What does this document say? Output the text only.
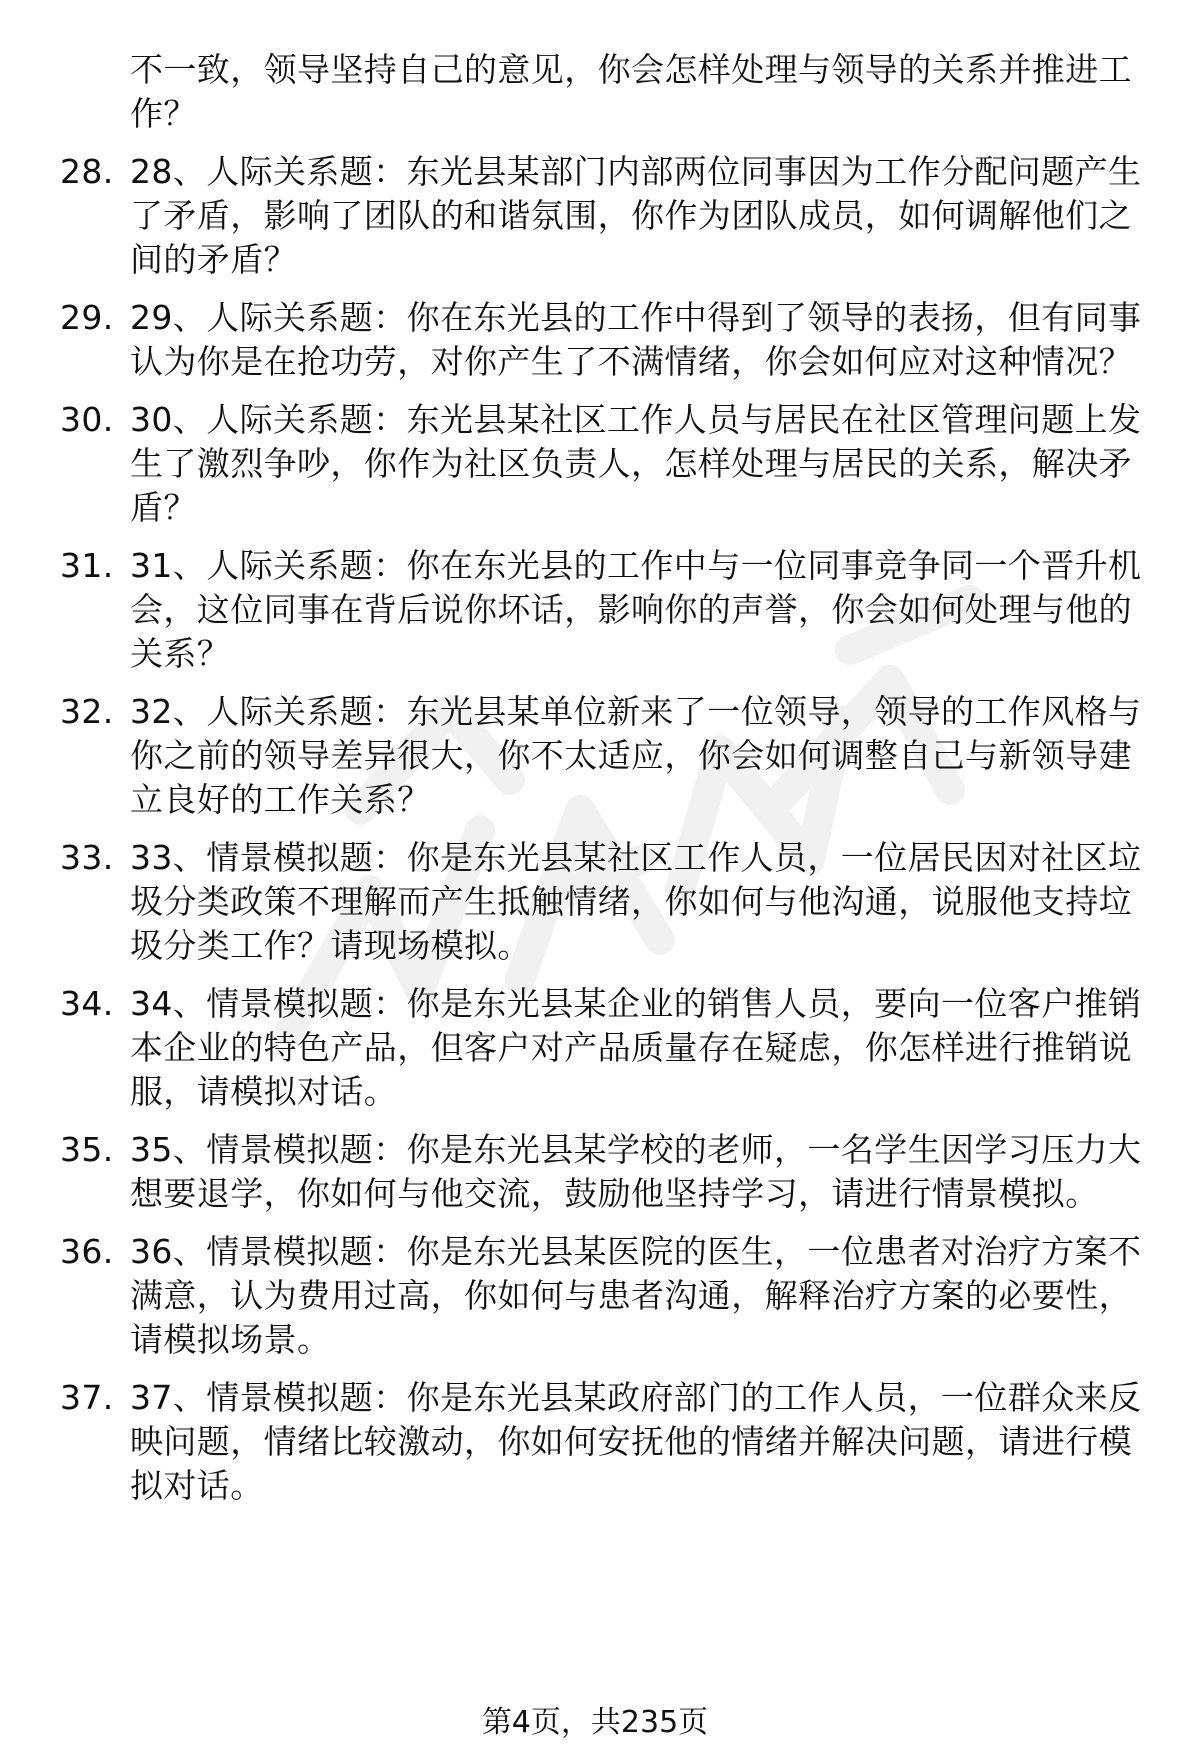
不一致，领导坚持自己的意见，你会怎样处理与领导的关系并推进工作？
28. 28、人际关系题：东光县某部门内部两位同事因为工作分配问题产生了矛盾，影响了团队的和谐氛围，你作为团队成员，如何调解他们之间的矛盾？
29. 29、人际关系题：你在东光县的工作中得到了领导的表扬，但有同事认为你是在抢功劳，对你产生了不满情绪，你会如何应对这种情况？
30. 30、人际关系题：东光县某社区工作人员与居民在社区管理问题上发生了激烈争吵，你作为社区负责人，怎样处理与居民的关系，解决矛盾？
31. 31、人际关系题：你在东光县的工作中与一位同事竞争同一个晋升机会，这位同事在背后说你坏话，影响你的声誉，你会如何处理与他的关系？
32. 32、人际关系题：东光县某单位新来了一位领导，领导的工作风格与你之前的领导差异很大，你不太适应，你会如何调整自己与新领导建立良好的工作关系？
33. 33、情景模拟题：你是东光县某社区工作人员，一位居民因对社区垃圾分类政策不理解而产生抵触情绪，你如何与他沟通，说服他支持垃圾分类工作？请现场模拟。
34. 34、情景模拟题：你是东光县某企业的销售人员，要向一位客户推销本企业的特色产品，但客户对产品质量存在疑虑，你怎样进行推销说服，请模拟对话。
35. 35、情景模拟题：你是东光县某学校的老师，一名学生因学习压力大想要退学，你如何与他交流，鼓励他坚持学习，请进行情景模拟。
36. 36、情景模拟题：你是东光县某医院的医生，一位患者对治疗方案不满意，认为费用过高，你如何与患者沟通，解释治疗方案的必要性，请模拟场景。
37. 37、情景模拟题：你是东光县某政府部门的工作人员，一位群众来反映问题，情绪比较激动，你如何安抚他的情绪并解决问题，请进行模拟对话。
第4页，共235页
